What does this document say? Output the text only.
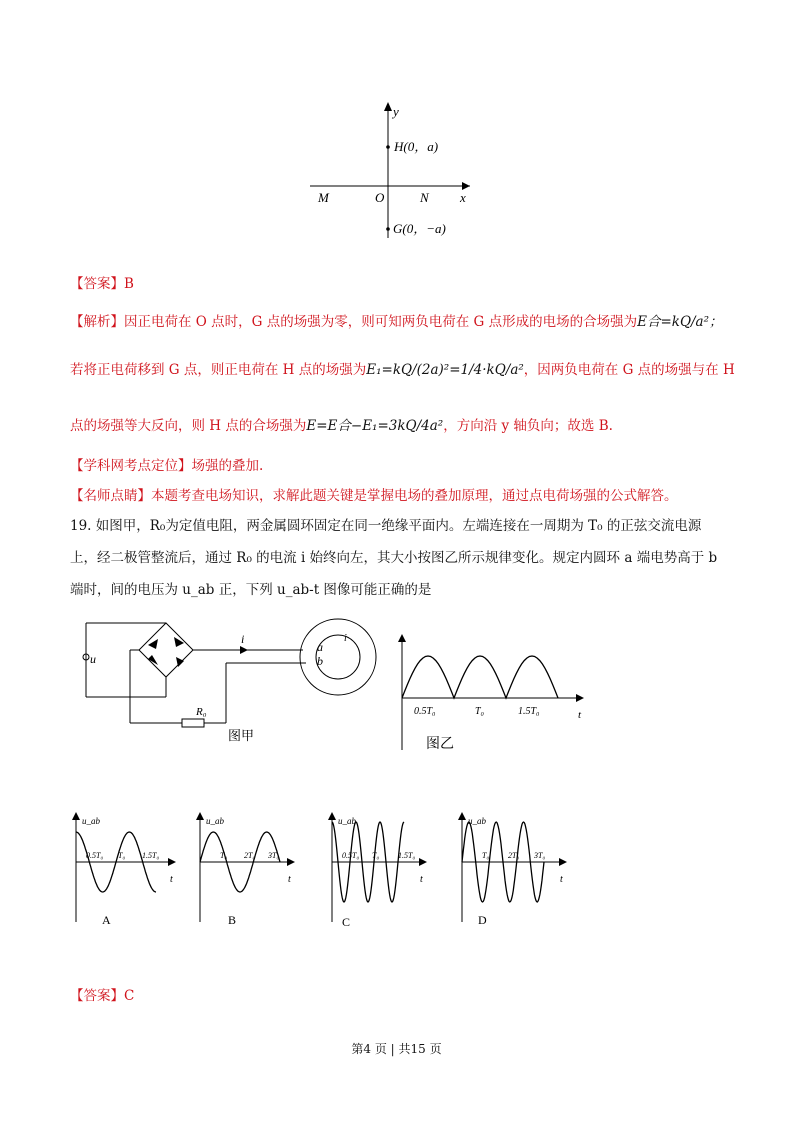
y
H(0，a)
M	O	N x
G(0，−a)
【答案】B
【解析】因正电荷在 O 点时，G 点的场强为零，则可知两负电荷在 G 点形成的电场的合场强为E合=kQ/a²；
若将正电荷移到 G 点，则正电荷在 H 点的场强为E₁=kQ/(2a)²=1/4·kQ/a²，因两负电荷在 G 点的场强与在 H
点的场强等大反向，则 H 点的合场强为E=E合−E₁=3kQ/4a²，方向沿 y 轴负向；故选 B.
【学科网考点定位】场强的叠加.
【名师点睛】本题考查电场知识，求解此题关键是掌握电场的叠加原理，通过点电荷场强的公式解答。
19. 如图甲，R₀为定值电阻，两金属圆环固定在同一绝缘平面内。左端连接在一周期为 T₀ 的正弦交流电源
上，经二极管整流后，通过 R₀ 的电流 i 始终向左，其大小按图乙所示规律变化。规定内圆环 a 端电势高于 b
端时，间的电压为 u_ab 正，下列 u_ab-t 图像可能正确的是
u
i
R₀
图甲
a
b
i
0.5T₀	T₀	1.5T₀	t
图乙
u_ab
0.5T₀ T₀ 1.5T₀
t
A
u_ab
T₀ 2T₀ 3T₀
t
B
u_ab
0.5T₀ T₀ 1.5T₀
t
C
u_ab
T₀ 2T₀ 3T₀
t
D
【答案】C
第4 页 | 共15 页
